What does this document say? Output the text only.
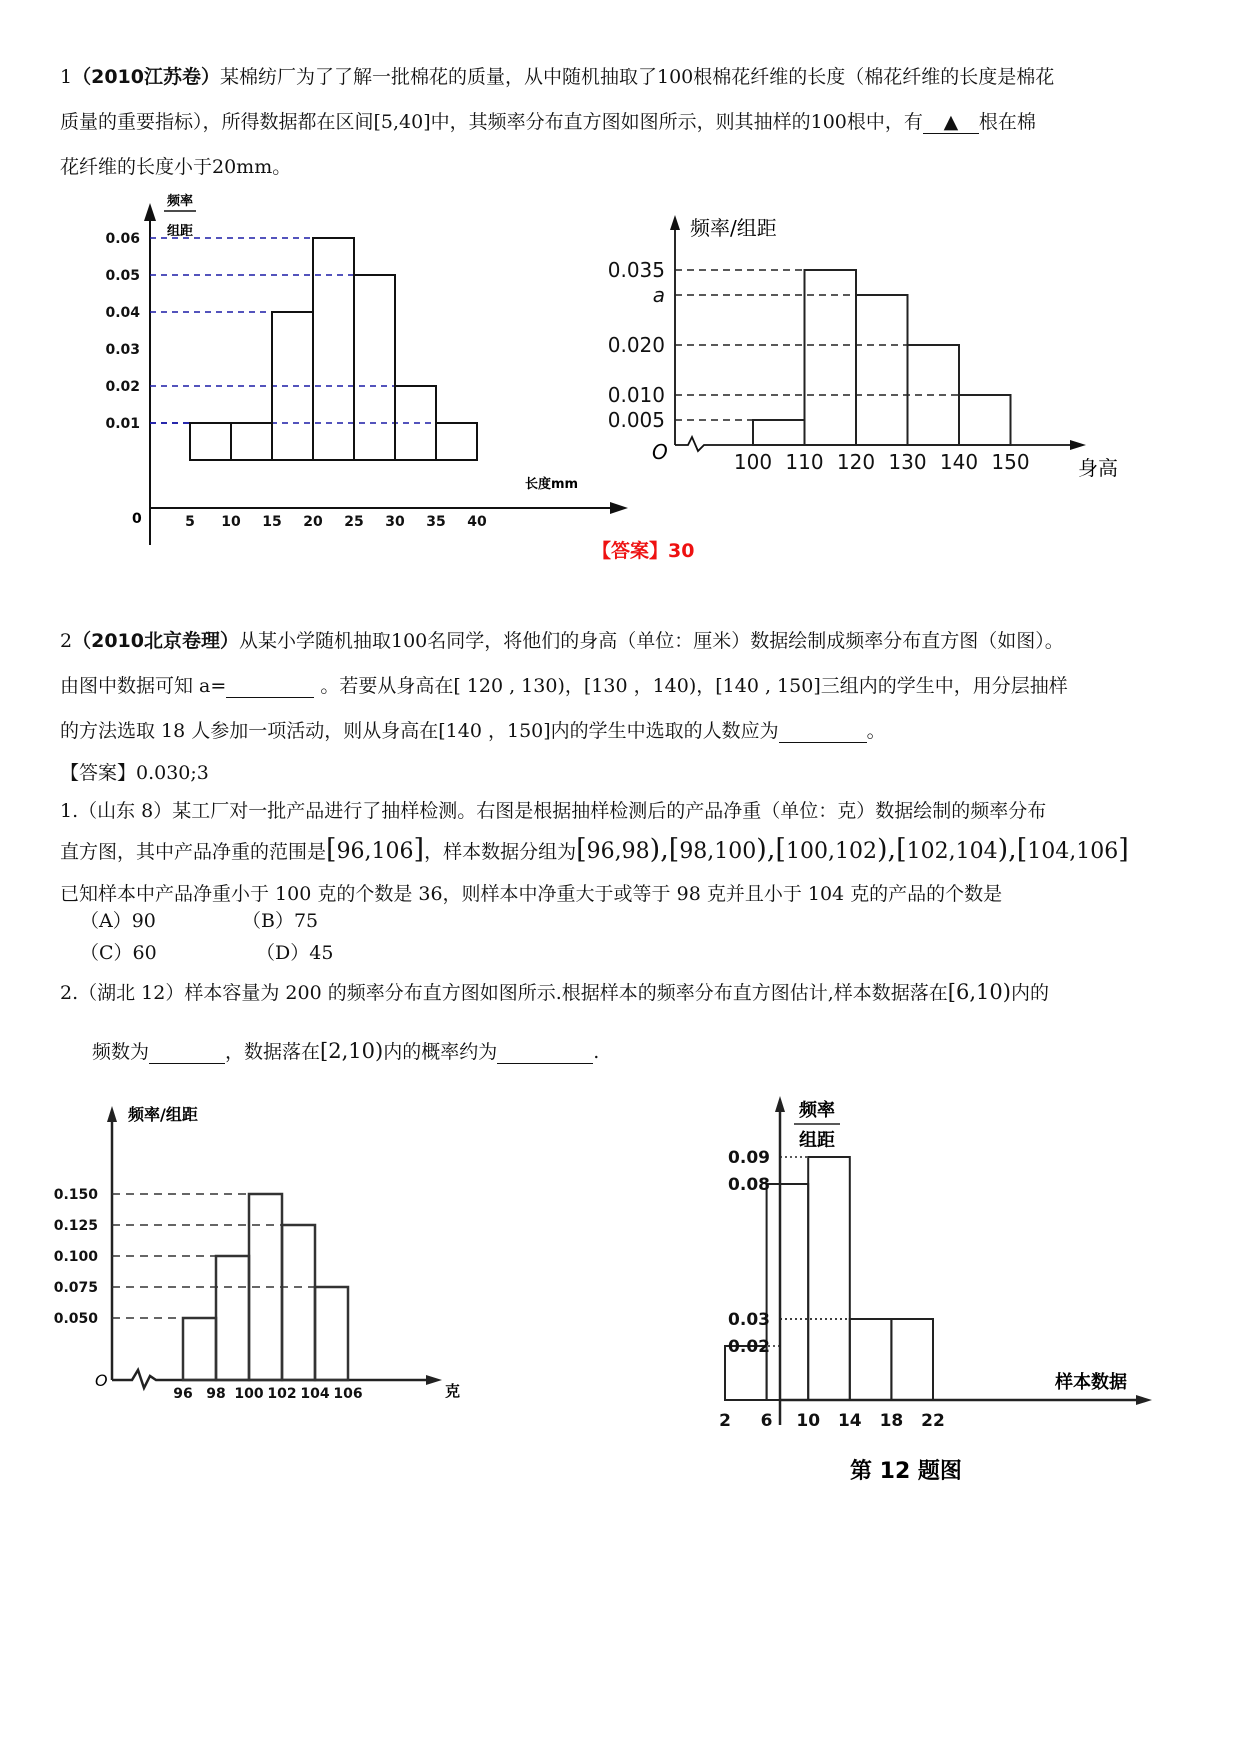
1（2010江苏卷）某棉纺厂为了了解一批棉花的质量，从中随机抽取了100根棉花纤维的长度（棉花纤维的长度是棉花
质量的重要指标），所得数据都在区间[5,40]中，其频率分布直方图如图所示，则其抽样的100根中，有 ▲ 根在棉
花纤维的长度小于20mm。
频率
组距
长度mm
0
0.01
0.02
0.03
0.04
0.05
0.06
5 10 15 20 25 30 35 40
频率/组距
身高
O
0.005
0.010
0.020
a
0.035
100 110 120 130 140 150
【答案】30
2（2010北京卷理）从某小学随机抽取100名同学，将他们的身高（单位：厘米）数据绘制成频率分布直方图（如图）。
由图中数据可知 a=	。若要从身高在[ 120 , 130)，[130 ，140)，[140 , 150]三组内的学生中，用分层抽样
的方法选取 18 人参加一项活动，则从身高在[140 ，150]内的学生中选取的人数应为	。
【答案】0.030;3
1.（山东 8）某工厂对一批产品进行了抽样检测。右图是根据抽样检测后的产品净重（单位：克）数据绘制的频率分布
直方图，其中产品净重的范围是[96,106]，样本数据分组为[96,98),[98,100),[100,102),[102,104),[104,106]
已知样本中产品净重小于 100 克的个数是 36，则样本中净重大于或等于 98 克并且小于 104 克的产品的个数是
（A）90	（B）75
（C）60	（D）45
2.（湖北 12）样本容量为 200 的频率分布直方图如图所示.根据样本的频率分布直方图估计,样本数据落在[6,10)内的
频数为	，数据落在[2,10)内的概率约为	.
频率/组距
克
O
0.050
0.075
0.100
0.125
0.150
96 98 100 102 104 106
频率
组距
样本数据
第 12 题图
0.02
0.03
0.08
0.09
2 6 10 14 18 22
